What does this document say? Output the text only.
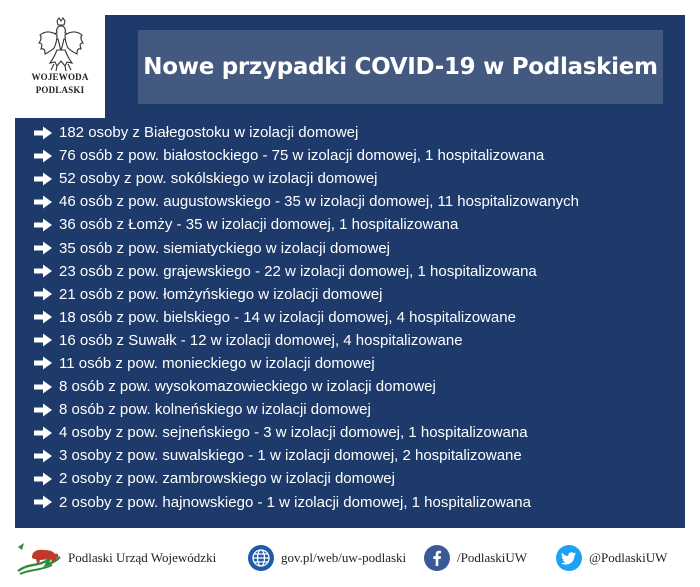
WOJEWODA
PODLASKI
Nowe przypadki COVID-19 w Podlaskiem
182 osoby z Białegostoku w izolacji domowej
76 osób z pow. białostockiego - 75 w izolacji domowej, 1 hospitalizowana
52 osoby z pow. sokólskiego w izolacji domowej
46 osób z pow. augustowskiego - 35 w izolacji domowej, 11 hospitalizowanych
36 osób z Łomży - 35 w izolacji domowej, 1 hospitalizowana
35 osób z pow. siemiatyckiego w izolacji domowej
23 osób z pow. grajewskiego - 22 w izolacji domowej, 1 hospitalizowana
21 osób z pow. łomżyńskiego w izolacji domowej
18 osób z pow. bielskiego - 14 w izolacji domowej, 4 hospitalizowane
16 osób z Suwałk - 12 w izolacji domowej, 4 hospitalizowane
11 osób z pow. monieckiego w izolacji domowej
8 osób z pow. wysokomazowieckiego w izolacji domowej
8 osób z pow. kolneńskiego w izolacji domowej
4 osoby z pow. sejneńskiego - 3 w izolacji domowej, 1 hospitalizowana
3 osoby z pow. suwalskiego - 1 w izolacji domowej, 2 hospitalizowane
2 osoby z pow. zambrowskiego w izolacji domowej
2 osoby z pow. hajnowskiego - 1 w izolacji domowej, 1 hospitalizowana
Podlaski Urząd Wojewódzki	gov.pl/web/uw-podlaski	/PodlaskiUW	@PodlaskiUW
